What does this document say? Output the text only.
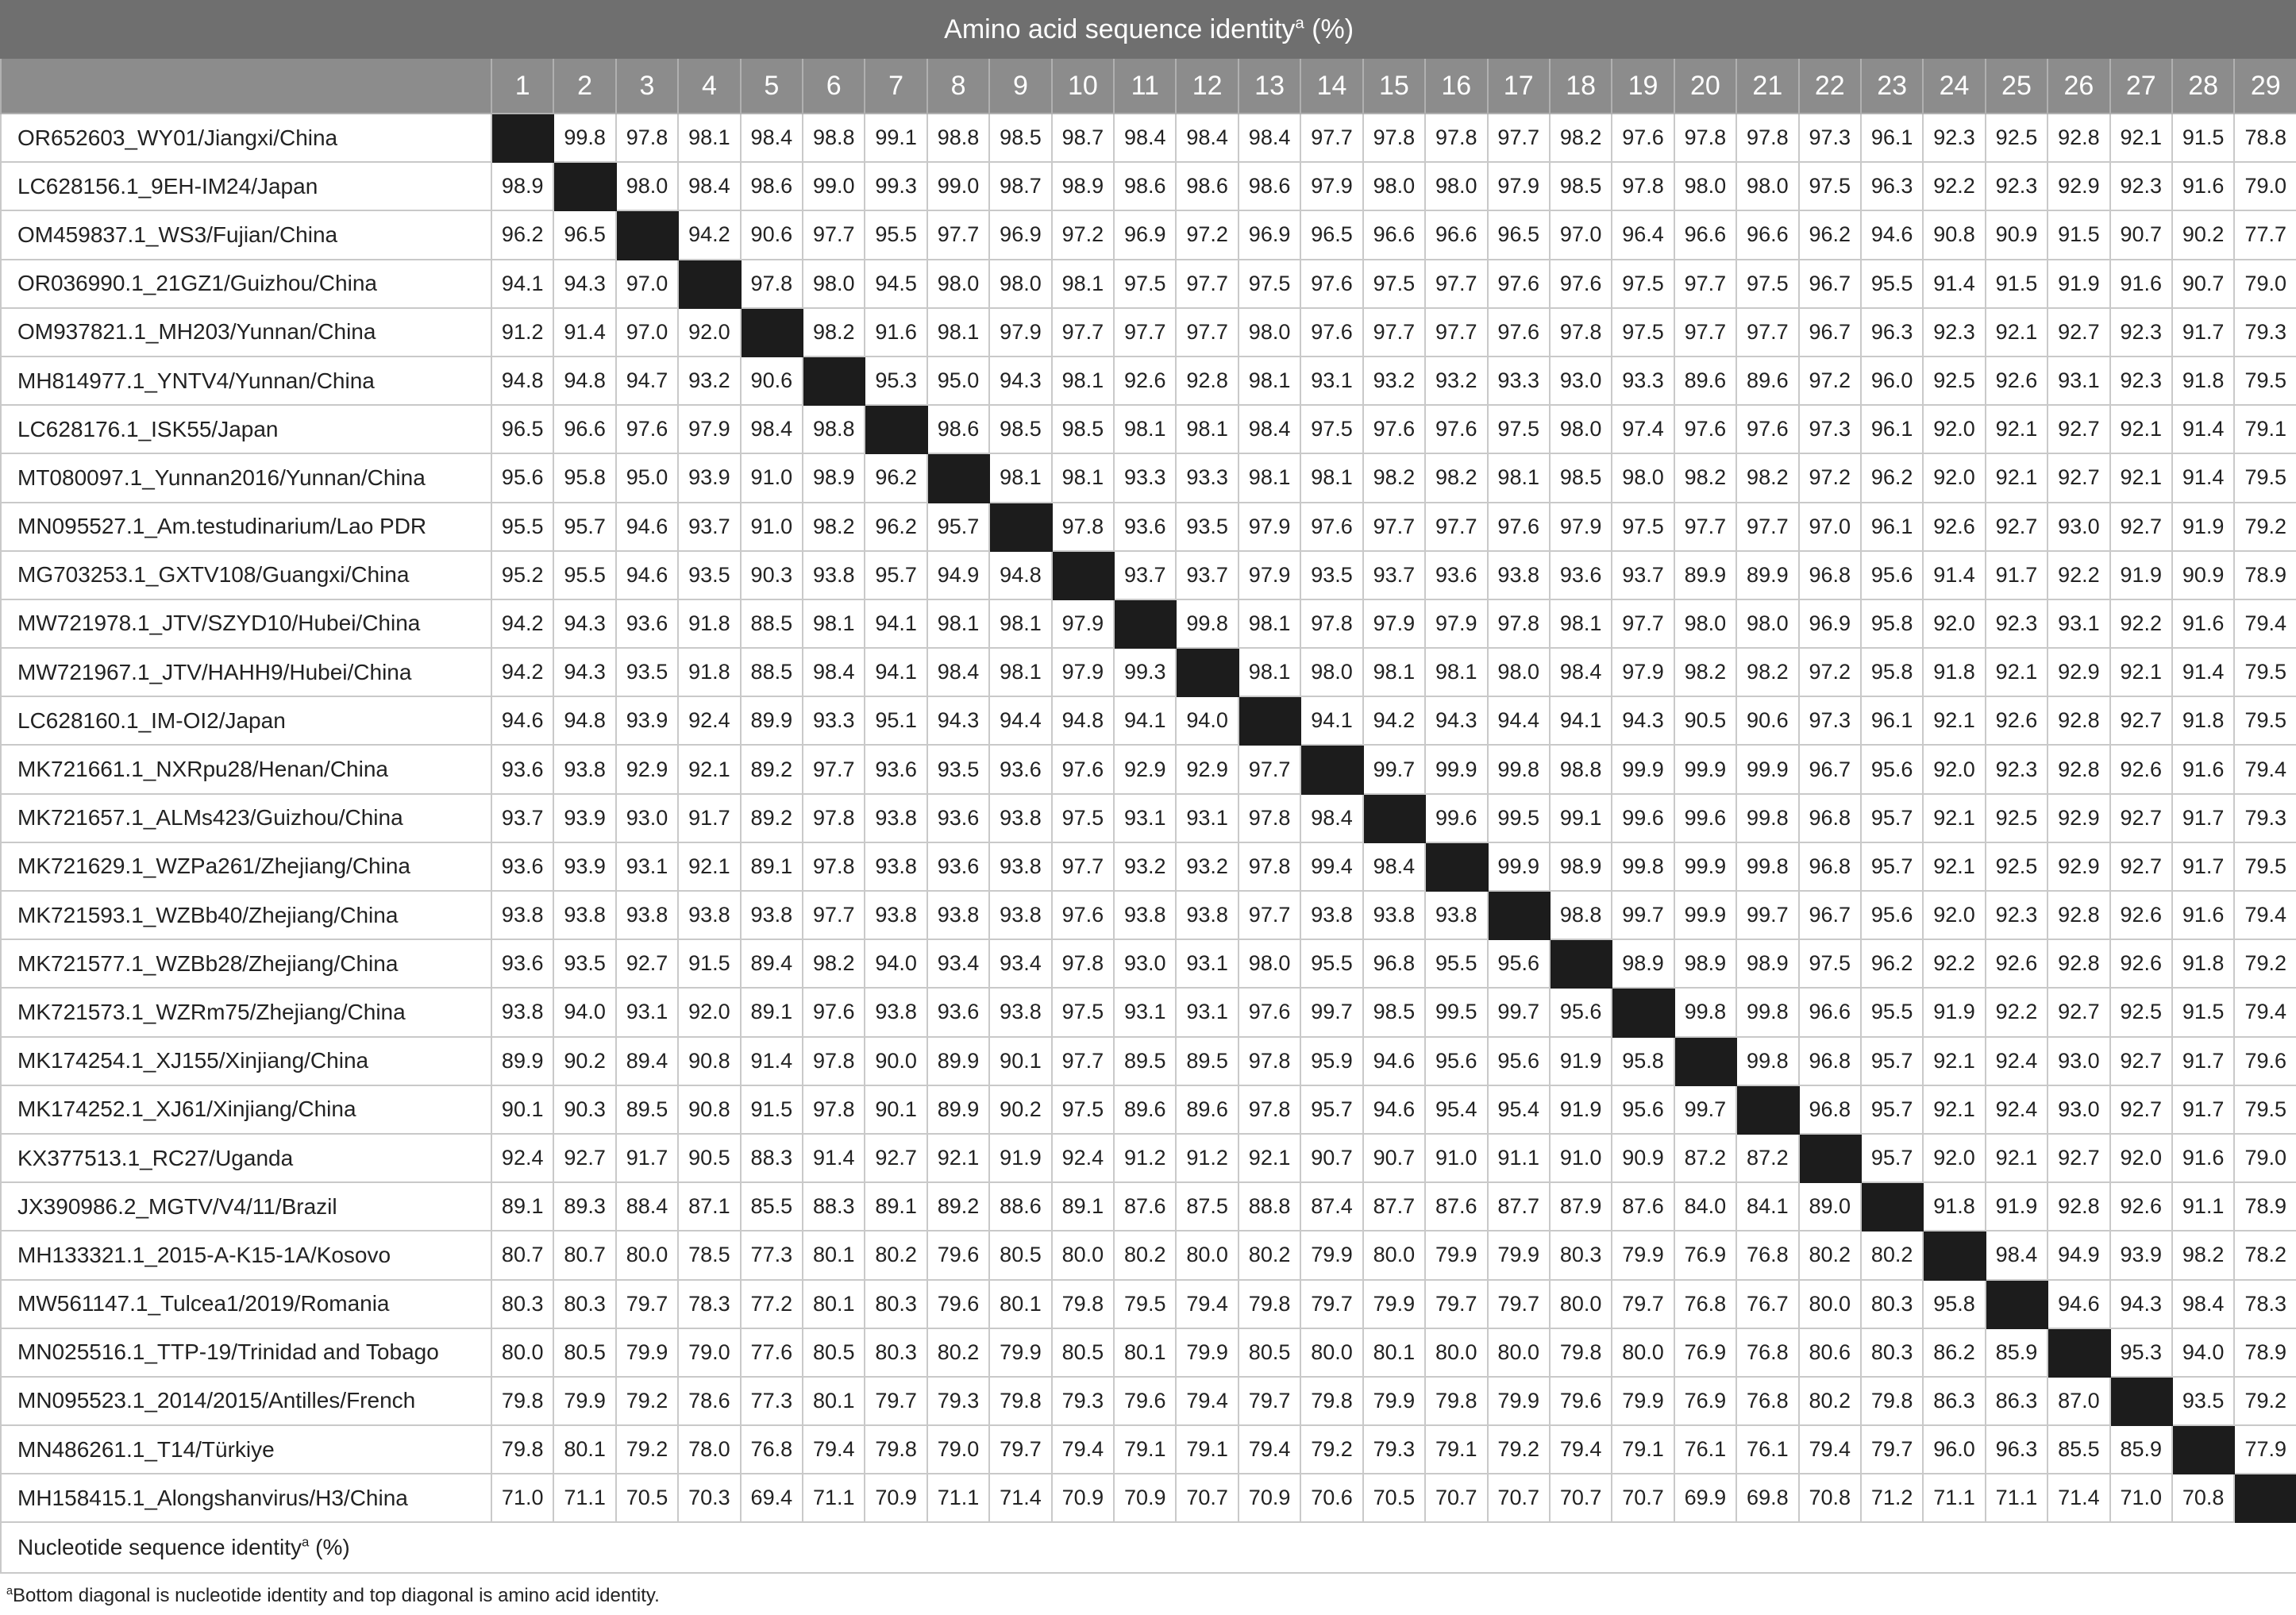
Amino acid sequence identity$^a$ (%)																													
	1	2	3	4	5	6	7	8	9	10	11	12	13	14	15	16	17	18	19	20	21	22	23	24	25	26	27	28	29
OR652603_WY01/Jiangxi/China		99.8	97.8	98.1	98.4	98.8	99.1	98.8	98.5	98.7	98.4	98.4	98.4	97.7	97.8	97.8	97.7	98.2	97.6	97.8	97.8	97.3	96.1	92.3	92.5	92.8	92.1	91.5	78.8
LC628156.1_9EH-IM24/Japan	98.9		98.0	98.4	98.6	99.0	99.3	99.0	98.7	98.9	98.6	98.6	98.6	97.9	98.0	98.0	97.9	98.5	97.8	98.0	98.0	97.5	96.3	92.2	92.3	92.9	92.3	91.6	79.0
OM459837.1_WS3/Fujian/China	96.2	96.5		94.2	90.6	97.7	95.5	97.7	96.9	97.2	96.9	97.2	96.9	96.5	96.6	96.6	96.5	97.0	96.4	96.6	96.6	96.2	94.6	90.8	90.9	91.5	90.7	90.2	77.7
OR036990.1_21GZ1/Guizhou/China	94.1	94.3	97.0		97.8	98.0	94.5	98.0	98.0	98.1	97.5	97.7	97.5	97.6	97.5	97.7	97.6	97.6	97.5	97.7	97.5	96.7	95.5	91.4	91.5	91.9	91.6	90.7	79.0
OM937821.1_MH203/Yunnan/China	91.2	91.4	97.0	92.0		98.2	91.6	98.1	97.9	97.7	97.7	97.7	98.0	97.6	97.7	97.7	97.6	97.8	97.5	97.7	97.7	96.7	96.3	92.3	92.1	92.7	92.3	91.7	79.3
MH814977.1_YNTV4/Yunnan/China	94.8	94.8	94.7	93.2	90.6		95.3	95.0	94.3	98.1	92.6	92.8	98.1	93.1	93.2	93.2	93.3	93.0	93.3	89.6	89.6	97.2	96.0	92.5	92.6	93.1	92.3	91.8	79.5
LC628176.1_ISK55/Japan	96.5	96.6	97.6	97.9	98.4	98.8		98.6	98.5	98.5	98.1	98.1	98.4	97.5	97.6	97.6	97.5	98.0	97.4	97.6	97.6	97.3	96.1	92.0	92.1	92.7	92.1	91.4	79.1
MT080097.1_Yunnan2016/Yunnan/China	95.6	95.8	95.0	93.9	91.0	98.9	96.2		98.1	98.1	93.3	93.3	98.1	98.1	98.2	98.2	98.1	98.5	98.0	98.2	98.2	97.2	96.2	92.0	92.1	92.7	92.1	91.4	79.5
MN095527.1_Am.testudinarium/Lao PDR	95.5	95.7	94.6	93.7	91.0	98.2	96.2	95.7		97.8	93.6	93.5	97.9	97.6	97.7	97.7	97.6	97.9	97.5	97.7	97.7	97.0	96.1	92.6	92.7	93.0	92.7	91.9	79.2
MG703253.1_GXTV108/Guangxi/China	95.2	95.5	94.6	93.5	90.3	93.8	95.7	94.9	94.8		93.7	93.7	97.9	93.5	93.7	93.6	93.8	93.6	93.7	89.9	89.9	96.8	95.6	91.4	91.7	92.2	91.9	90.9	78.9
MW721978.1_JTV/SZYD10/Hubei/China	94.2	94.3	93.6	91.8	88.5	98.1	94.1	98.1	98.1	97.9		99.8	98.1	97.8	97.9	97.9	97.8	98.1	97.7	98.0	98.0	96.9	95.8	92.0	92.3	93.1	92.2	91.6	79.4
MW721967.1_JTV/HAHH9/Hubei/China	94.2	94.3	93.5	91.8	88.5	98.4	94.1	98.4	98.1	97.9	99.3		98.1	98.0	98.1	98.1	98.0	98.4	97.9	98.2	98.2	97.2	95.8	91.8	92.1	92.9	92.1	91.4	79.5
LC628160.1_IM-OI2/Japan	94.6	94.8	93.9	92.4	89.9	93.3	95.1	94.3	94.4	94.8	94.1	94.0		94.1	94.2	94.3	94.4	94.1	94.3	90.5	90.6	97.3	96.1	92.1	92.6	92.8	92.7	91.8	79.5
MK721661.1_NXRpu28/Henan/China	93.6	93.8	92.9	92.1	89.2	97.7	93.6	93.5	93.6	97.6	92.9	92.9	97.7		99.7	99.9	99.8	98.8	99.9	99.9	99.9	96.7	95.6	92.0	92.3	92.8	92.6	91.6	79.4
MK721657.1_ALMs423/Guizhou/China	93.7	93.9	93.0	91.7	89.2	97.8	93.8	93.6	93.8	97.5	93.1	93.1	97.8	98.4		99.6	99.5	99.1	99.6	99.6	99.8	96.8	95.7	92.1	92.5	92.9	92.7	91.7	79.3
MK721629.1_WZPa261/Zhejiang/China	93.6	93.9	93.1	92.1	89.1	97.8	93.8	93.6	93.8	97.7	93.2	93.2	97.8	99.4	98.4		99.9	98.9	99.8	99.9	99.8	96.8	95.7	92.1	92.5	92.9	92.7	91.7	79.5
MK721593.1_WZBb40/Zhejiang/China	93.8	93.8	93.8	93.8	93.8	97.7	93.8	93.8	93.8	97.6	93.8	93.8	97.7	93.8	93.8	93.8		98.8	99.7	99.9	99.7	96.7	95.6	92.0	92.3	92.8	92.6	91.6	79.4
MK721577.1_WZBb28/Zhejiang/China	93.6	93.5	92.7	91.5	89.4	98.2	94.0	93.4	93.4	97.8	93.0	93.1	98.0	95.5	96.8	95.5	95.6		98.9	98.9	98.9	97.5	96.2	92.2	92.6	92.8	92.6	91.8	79.2
MK721573.1_WZRm75/Zhejiang/China	93.8	94.0	93.1	92.0	89.1	97.6	93.8	93.6	93.8	97.5	93.1	93.1	97.6	99.7	98.5	99.5	99.7	95.6		99.8	99.8	96.6	95.5	91.9	92.2	92.7	92.5	91.5	79.4
MK174254.1_XJ155/Xinjiang/China	89.9	90.2	89.4	90.8	91.4	97.8	90.0	89.9	90.1	97.7	89.5	89.5	97.8	95.9	94.6	95.6	95.6	91.9	95.8		99.8	96.8	95.7	92.1	92.4	93.0	92.7	91.7	79.6
MK174252.1_XJ61/Xinjiang/China	90.1	90.3	89.5	90.8	91.5	97.8	90.1	89.9	90.2	97.5	89.6	89.6	97.8	95.7	94.6	95.4	95.4	91.9	95.6	99.7		96.8	95.7	92.1	92.4	93.0	92.7	91.7	79.5
KX377513.1_RC27/Uganda	92.4	92.7	91.7	90.5	88.3	91.4	92.7	92.1	91.9	92.4	91.2	91.2	92.1	90.7	90.7	91.0	91.1	91.0	90.9	87.2	87.2		95.7	92.0	92.1	92.7	92.0	91.6	79.0
JX390986.2_MGTV/V4/11/Brazil	89.1	89.3	88.4	87.1	85.5	88.3	89.1	89.2	88.6	89.1	87.6	87.5	88.8	87.4	87.7	87.6	87.7	87.9	87.6	84.0	84.1	89.0		91.8	91.9	92.8	92.6	91.1	78.9
MH133321.1_2015-A-K15-1A/Kosovo	80.7	80.7	80.0	78.5	77.3	80.1	80.2	79.6	80.5	80.0	80.2	80.0	80.2	79.9	80.0	79.9	79.9	80.3	79.9	76.9	76.8	80.2	80.2		98.4	94.9	93.9	98.2	78.2
MW561147.1_Tulcea1/2019/Romania	80.3	80.3	79.7	78.3	77.2	80.1	80.3	79.6	80.1	79.8	79.5	79.4	79.8	79.7	79.9	79.7	79.7	80.0	79.7	76.8	76.7	80.0	80.3	95.8		94.6	94.3	98.4	78.3
MN025516.1_TTP-19/Trinidad and Tobago	80.0	80.5	79.9	79.0	77.6	80.5	80.3	80.2	79.9	80.5	80.1	79.9	80.5	80.0	80.1	80.0	80.0	79.8	80.0	76.9	76.8	80.6	80.3	86.2	85.9		95.3	94.0	78.9
MN095523.1_2014/2015/Antilles/French	79.8	79.9	79.2	78.6	77.3	80.1	79.7	79.3	79.8	79.3	79.6	79.4	79.7	79.8	79.9	79.8	79.9	79.6	79.9	76.9	76.8	80.2	79.8	86.3	86.3	87.0		93.5	79.2
MN486261.1_T14/Türkiye	79.8	80.1	79.2	78.0	76.8	79.4	79.8	79.0	79.7	79.4	79.1	79.1	79.4	79.2	79.3	79.1	79.2	79.4	79.1	76.1	76.1	79.4	79.7	96.0	96.3	85.5	85.9		77.9
MH158415.1_Alongshanvirus/H3/China	71.0	71.1	70.5	70.3	69.4	71.1	70.9	71.1	71.4	70.9	70.9	70.7	70.9	70.6	70.5	70.7	70.7	70.7	70.7	69.9	69.8	70.8	71.2	71.1	71.1	71.4	71.0	70.8	
Nucleotide sequence identity$^a$ (%)																													
$^a$Bottom diagonal is nucleotide identity and top diagonal is amino acid identity.
